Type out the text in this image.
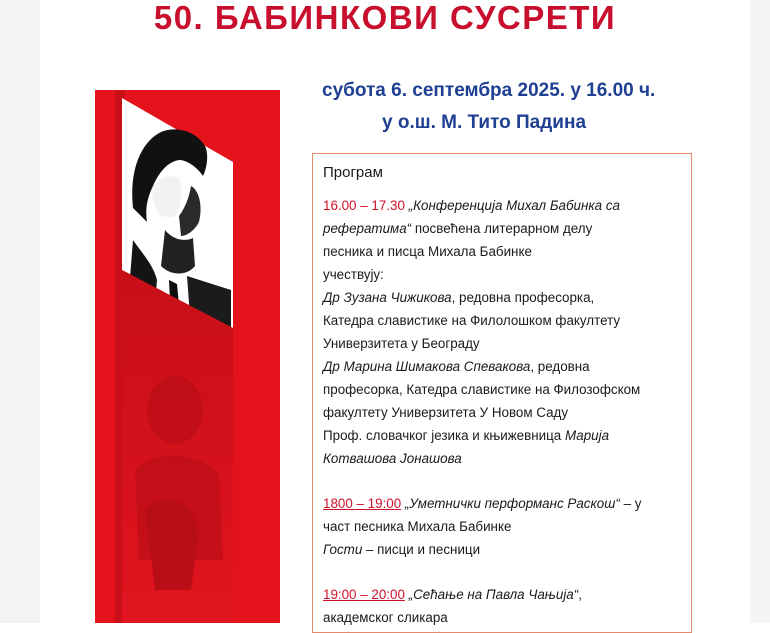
50. БАБИНКОВИ СУСРЕТИ
субота 6. септембра 2025. у 16.00 ч.
у о.ш. М. Тито Падина
Програм
16.00 – 17.30 „Конференција Михал Бабинка са
рефератима“ посвећена литерарном делу
песника и писца Михала Бабинке
учествују:
Др Зузана Чижикова, редовна професорка,
Катедра славистике на Филолошком факултету
Универзитета у Београду
Др Марина Шимакова Спевакова, редовна
професорка, Катедра славистике на Филозофском
факултету Универзитета У Новом Саду
Проф. словачког језика и књижевница Марија
Котвашова Јонашова
1800 – 19:00 „Уметнички перформанс Раскош“ – у
част песника Михала Бабинке
Гости – писци и песници
19:00 – 20:00 „Сећање на Павла Чањија“,
академског сликара
